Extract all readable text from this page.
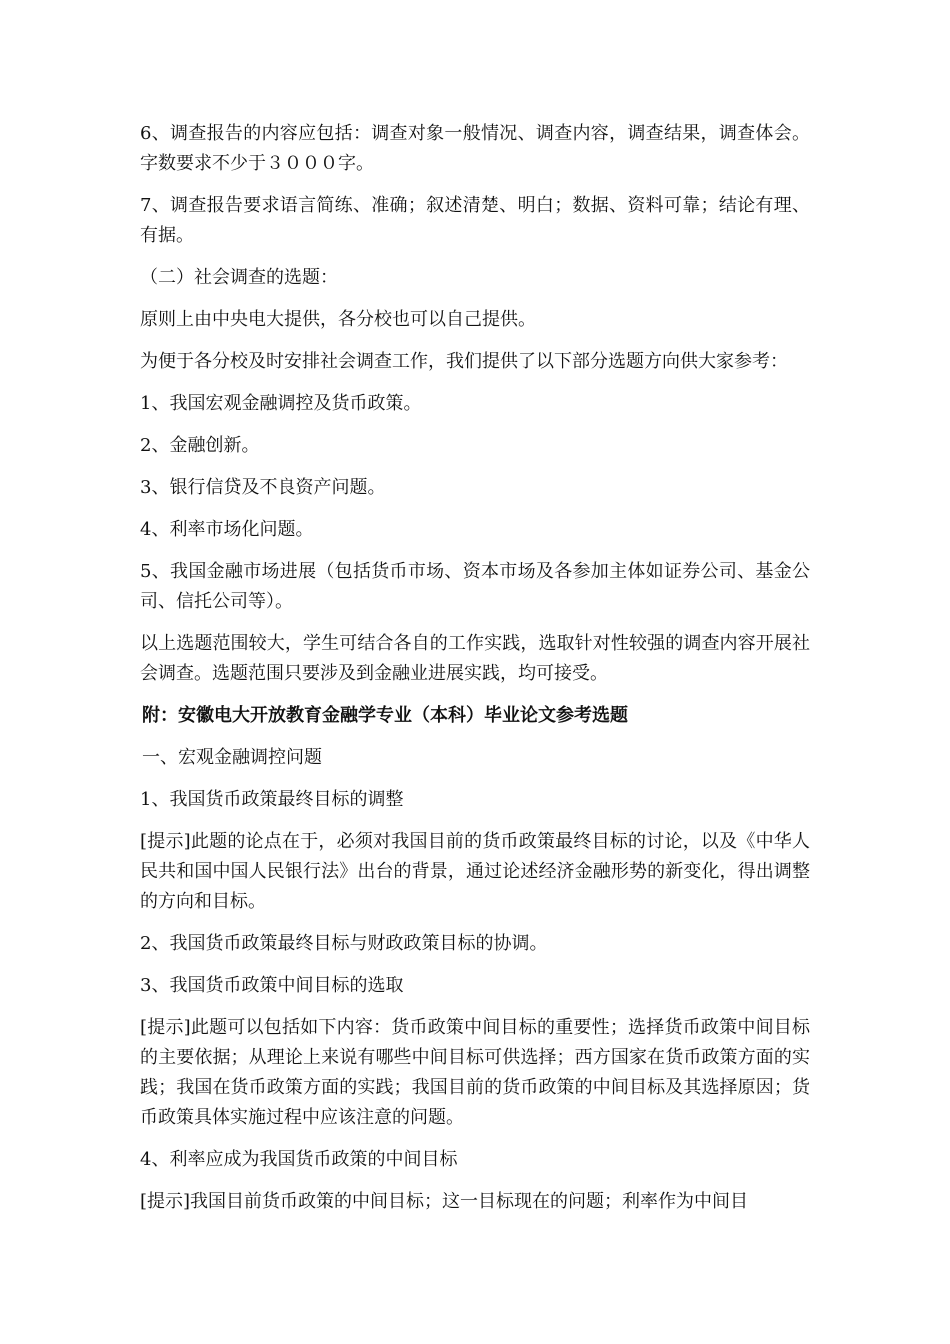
6、调查报告的内容应包括：调查对象一般情况、调查内容，调查结果，调查体会。字数要求不少于３０００字。

7、调查报告要求语言简练、准确；叙述清楚、明白；数据、资料可靠；结论有理、有据。

（二）社会调查的选题：

原则上由中央电大提供，各分校也可以自己提供。

为便于各分校及时安排社会调查工作，我们提供了以下部分选题方向供大家参考：

1、我国宏观金融调控及货币政策。

2、金融创新。

3、银行信贷及不良资产问题。

4、利率市场化问题。

5、我国金融市场进展（包括货币市场、资本市场及各参加主体如证券公司、基金公司、信托公司等）。

以上选题范围较大，学生可结合各自的工作实践，选取针对性较强的调查内容开展社会调查。选题范围只要涉及到金融业进展实践，均可接受。

附：安徽电大开放教育金融学专业（本科）毕业论文参考选题

一、宏观金融调控问题

1、我国货币政策最终目标的调整

[提示]此题的论点在于，必须对我国目前的货币政策最终目标的讨论，以及《中华人民共和国中国人民银行法》出台的背景，通过论述经济金融形势的新变化，得出调整的方向和目标。

2、我国货币政策最终目标与财政政策目标的协调。

3、我国货币政策中间目标的选取

[提示]此题可以包括如下内容：货币政策中间目标的重要性；选择货币政策中间目标的主要依据；从理论上来说有哪些中间目标可供选择；西方国家在货币政策方面的实践；我国在货币政策方面的实践；我国目前的货币政策的中间目标及其选择原因；货币政策具体实施过程中应该注意的问题。

4、利率应成为我国货币政策的中间目标

[提示]我国目前货币政策的中间目标；这一目标现在的问题；利率作为中间目
